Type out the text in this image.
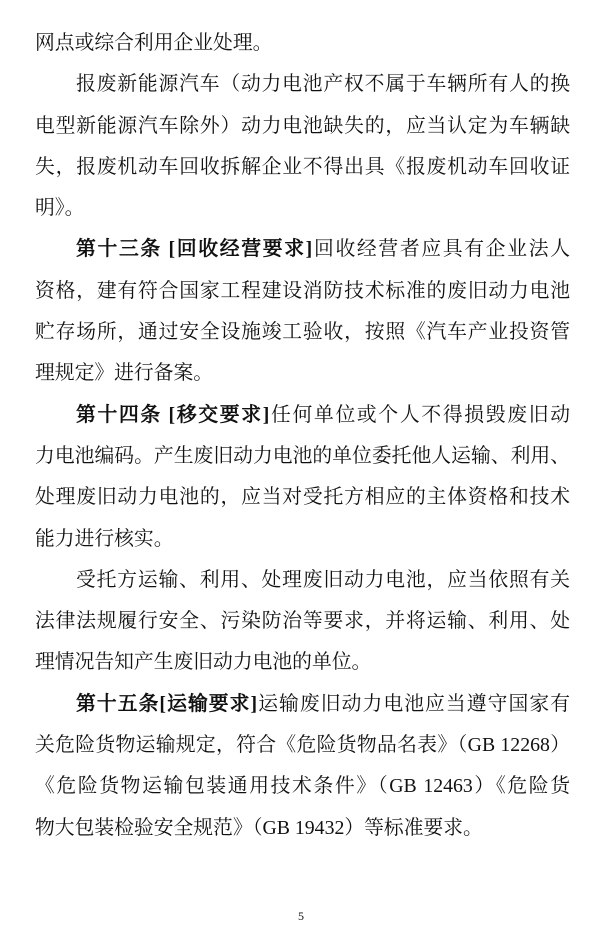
网点或综合利用企业处理。
报废新能源汽车（动力电池产权不属于车辆所有人的换
电型新能源汽车除外）动力电池缺失的，应当认定为车辆缺
失，报废机动车回收拆解企业不得出具《报废机动车回收证
明》。
第十三条 [回收经营要求]回收经营者应具有企业法人
资格，建有符合国家工程建设消防技术标准的废旧动力电池
贮存场所，通过安全设施竣工验收，按照《汽车产业投资管
理规定》进行备案。
第十四条 [移交要求]任何单位或个人不得损毁废旧动
力电池编码。产生废旧动力电池的单位委托他人运输、利用、
处理废旧动力电池的，应当对受托方相应的主体资格和技术
能力进行核实。
受托方运输、利用、处理废旧动力电池，应当依照有关
法律法规履行安全、污染防治等要求，并将运输、利用、处
理情况告知产生废旧动力电池的单位。
第十五条[运输要求]运输废旧动力电池应当遵守国家有
关危险货物运输规定，符合《危险货物品名表》（GB 12268）
《危险货物运输包装通用技术条件》（GB 12463）《危险货
物大包装检验安全规范》（GB 19432）等标准要求。
5
